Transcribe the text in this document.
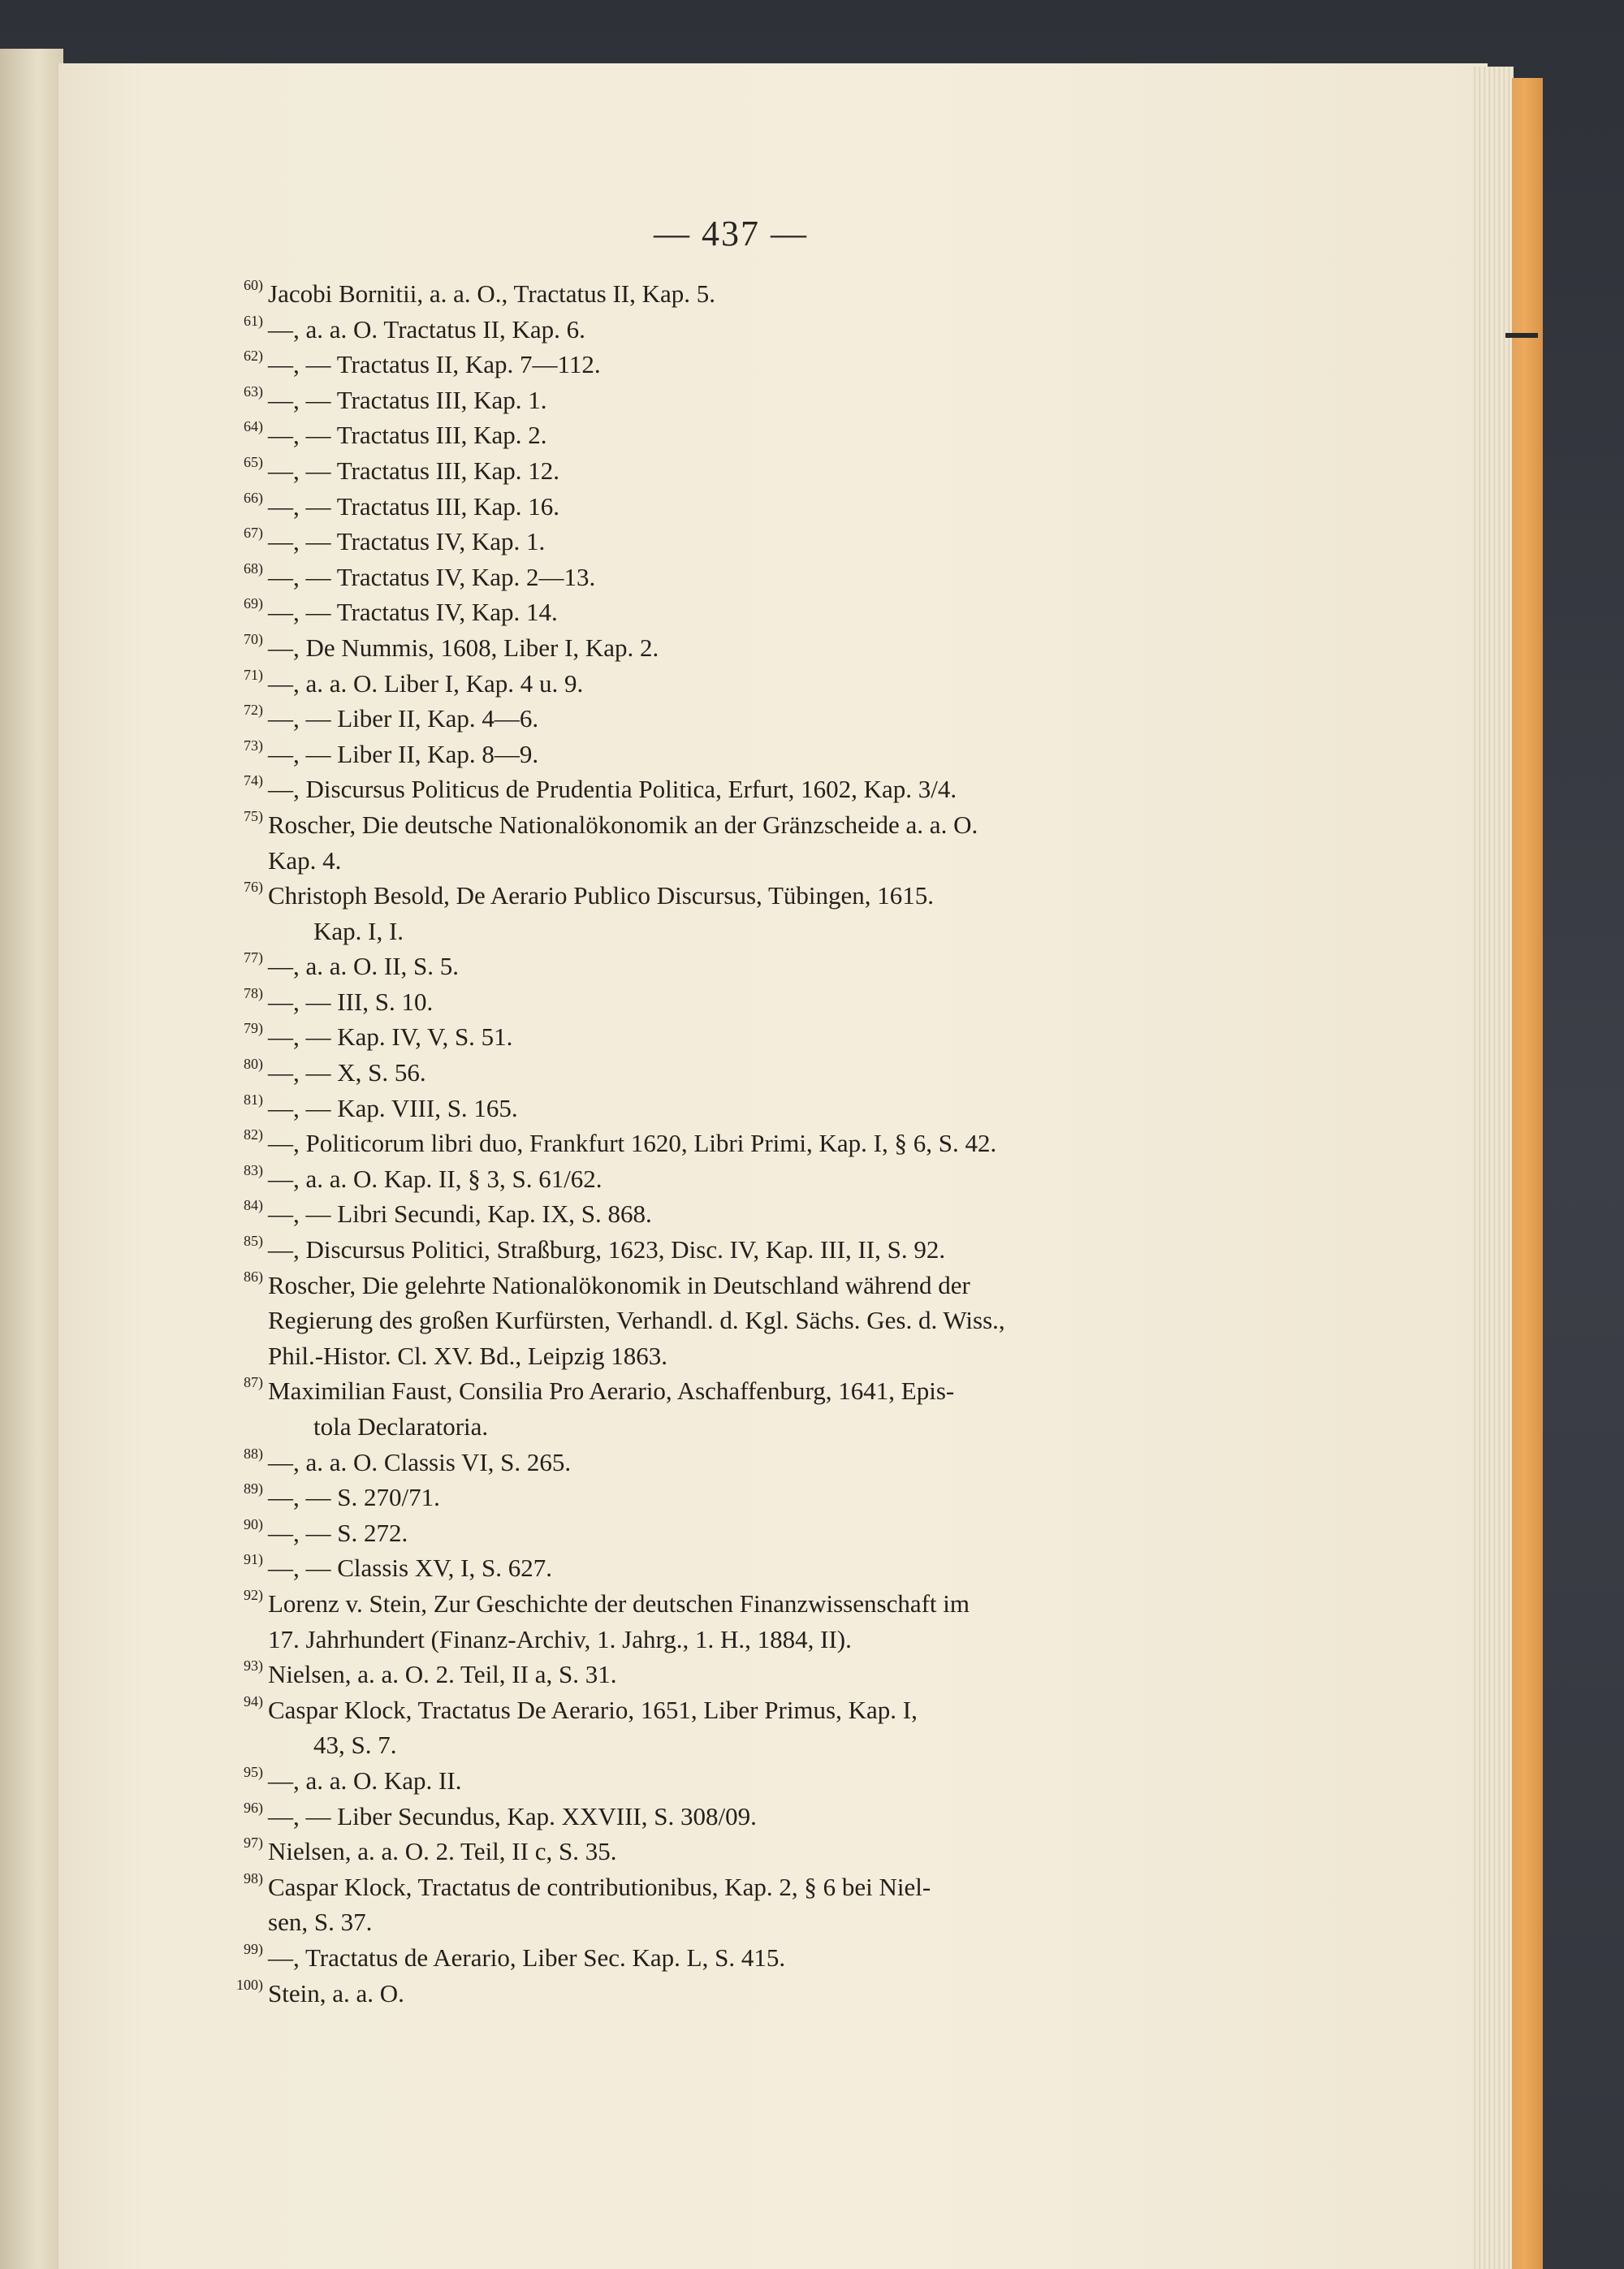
— 437 —
60) Jacobi Bornitii, a. a. O., Tractatus II, Kap. 5.
61) —, a. a. O. Tractatus II, Kap. 6.
62) —, — Tractatus II, Kap. 7—112.
63) —, — Tractatus III, Kap. 1.
64) —, — Tractatus III, Kap. 2.
65) —, — Tractatus III, Kap. 12.
66) —, — Tractatus III, Kap. 16.
67) —, — Tractatus IV, Kap. 1.
68) —, — Tractatus IV, Kap. 2—13.
69) —, — Tractatus IV, Kap. 14.
70) —, De Nummis, 1608, Liber I, Kap. 2.
71) —, a. a. O. Liber I, Kap. 4 u. 9.
72) —, — Liber II, Kap. 4—6.
73) —, — Liber II, Kap. 8—9.
74) —, Discursus Politicus de Prudentia Politica, Erfurt, 1602, Kap. 3/4.
75) Roscher, Die deutsche Nationalökonomik an der Gränzscheide a. a. O.
Kap. 4.
76) Christoph Besold, De Aerario Publico Discursus, Tübingen, 1615.
Kap. I, I.
77) —, a. a. O. II, S. 5.
78) —, — III, S. 10.
79) —, — Kap. IV, V, S. 51.
80) —, — X, S. 56.
81) —, — Kap. VIII, S. 165.
82) —, Politicorum libri duo, Frankfurt 1620, Libri Primi, Kap. I, § 6, S. 42.
83) —, a. a. O. Kap. II, § 3, S. 61/62.
84) —, — Libri Secundi, Kap. IX, S. 868.
85) —, Discursus Politici, Straßburg, 1623, Disc. IV, Kap. III, II, S. 92.
86) Roscher, Die gelehrte Nationalökonomik in Deutschland während der
Regierung des großen Kurfürsten, Verhandl. d. Kgl. Sächs. Ges. d. Wiss.,
Phil.-Histor. Cl. XV. Bd., Leipzig 1863.
87) Maximilian Faust, Consilia Pro Aerario, Aschaffenburg, 1641, Epis-
tola Declaratoria.
88) —, a. a. O. Classis VI, S. 265.
89) —, — S. 270/71.
90) —, — S. 272.
91) —, — Classis XV, I, S. 627.
92) Lorenz v. Stein, Zur Geschichte der deutschen Finanzwissenschaft im
17. Jahrhundert (Finanz-Archiv, 1. Jahrg., 1. H., 1884, II).
93) Nielsen, a. a. O. 2. Teil, II a, S. 31.
94) Caspar Klock, Tractatus De Aerario, 1651, Liber Primus, Kap. I,
43, S. 7.
95) —, a. a. O. Kap. II.
96) —, — Liber Secundus, Kap. XXVIII, S. 308/09.
97) Nielsen, a. a. O. 2. Teil, II c, S. 35.
98) Caspar Klock, Tractatus de contributionibus, Kap. 2, § 6 bei Niel-
sen, S. 37.
99) —, Tractatus de Aerario, Liber Sec. Kap. L, S. 415.
100) Stein, a. a. O.
